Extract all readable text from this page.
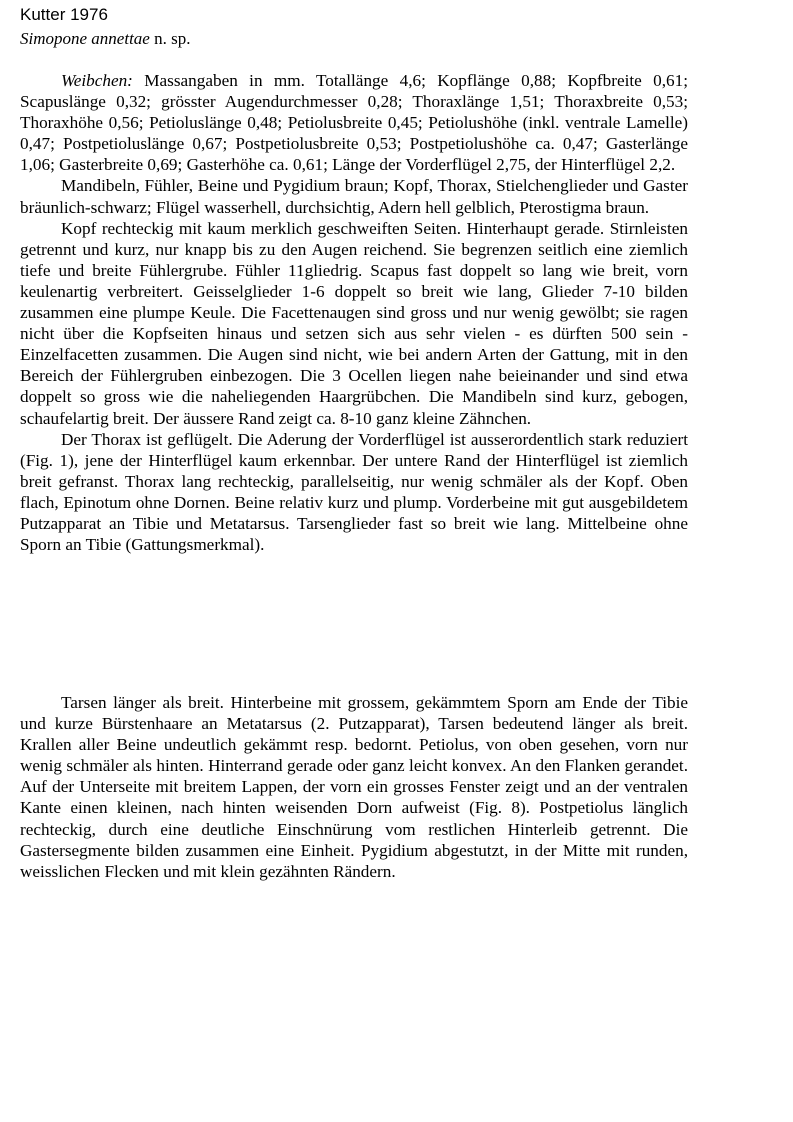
Kutter 1976
Simopone annettae n. sp.

Weibchen: Massangaben in mm. Totallänge 4,6; Kopflänge 0,88; Kopfbreite 0,61; Scapuslänge 0,32; grösster Augendurchmesser 0,28; Thoraxlänge 1,51; Thoraxbreite 0,53; Thoraxhöhe 0,56; Petioluslänge 0,48; Petiolusbreite 0,45; Petiolushöhe (inkl. ventrale Lamelle) 0,47; Postpetioluslänge 0,67; Postpetiolusbreite 0,53; Postpetiolushöhe ca. 0,47; Gasterlänge 1,06; Gasterbreite 0,69; Gasterhöhe ca. 0,61; Länge der Vorderflügel 2,75, der Hinterflügel 2,2.

Mandibeln, Fühler, Beine und Pygidium braun; Kopf, Thorax, Stielchenglieder und Gaster bräunlich-schwarz; Flügel wasserhell, durchsichtig, Adern hell gelblich, Pterostigma braun.

Kopf rechteckig mit kaum merklich geschweiften Seiten. Hinterhaupt gerade. Stirnleisten getrennt und kurz, nur knapp bis zu den Augen reichend. Sie begrenzen seitlich eine ziemlich tiefe und breite Fühlergrube. Fühler 11gliedrig. Scapus fast doppelt so lang wie breit, vorn keulenartig verbreitert. Geisselglieder 1-6 doppelt so breit wie lang, Glieder 7-10 bilden zusammen eine plumpe Keule. Die Facettenaugen sind gross und nur wenig gewölbt; sie ragen nicht über die Kopfseiten hinaus und setzen sich aus sehr vielen - es dürften 500 sein - Einzelfacetten zusammen. Die Augen sind nicht, wie bei andern Arten der Gattung, mit in den Bereich der Fühlergruben einbezogen. Die 3 Ocellen liegen nahe beieinander und sind etwa doppelt so gross wie die naheliegenden Haargrübchen. Die Mandibeln sind kurz, gebogen, schaufelartig breit. Der äussere Rand zeigt ca. 8-10 ganz kleine Zähnchen.

Der Thorax ist geflügelt. Die Aderung der Vorderflügel ist ausserordentlich stark reduziert (Fig. 1), jene der Hinterflügel kaum erkennbar. Der untere Rand der Hinterflügel ist ziemlich breit gefranst. Thorax lang rechteckig, parallelseitig, nur wenig schmäler als der Kopf. Oben flach, Epinotum ohne Dornen. Beine relativ kurz und plump. Vorderbeine mit gut ausgebildetem Putzapparat an Tibie und Metatarsus. Tarsenglieder fast so breit wie lang. Mittelbeine ohne Sporn an Tibie (Gattungsmerkmal).

Tarsen länger als breit. Hinterbeine mit grossem, gekämmtem Sporn am Ende der Tibie und kurze Bürstenhaare an Metatarsus (2. Putzapparat), Tarsen bedeutend länger als breit. Krallen aller Beine undeutlich gekämmt resp. bedornt. Petiolus, von oben gesehen, vorn nur wenig schmäler als hinten. Hinterrand gerade oder ganz leicht konvex. An den Flanken gerandet. Auf der Unterseite mit breitem Lappen, der vorn ein grosses Fenster zeigt und an der ventralen Kante einen kleinen, nach hinten weisenden Dorn aufweist (Fig. 8). Postpetiolus länglich rechteckig, durch eine deutliche Einschnürung vom restlichen Hinterleib getrennt. Die Gastersegmente bilden zusammen eine Einheit. Pygidium abgestutzt, in der Mitte mit runden, weisslichen Flecken und mit klein gezähnten Rändern.
